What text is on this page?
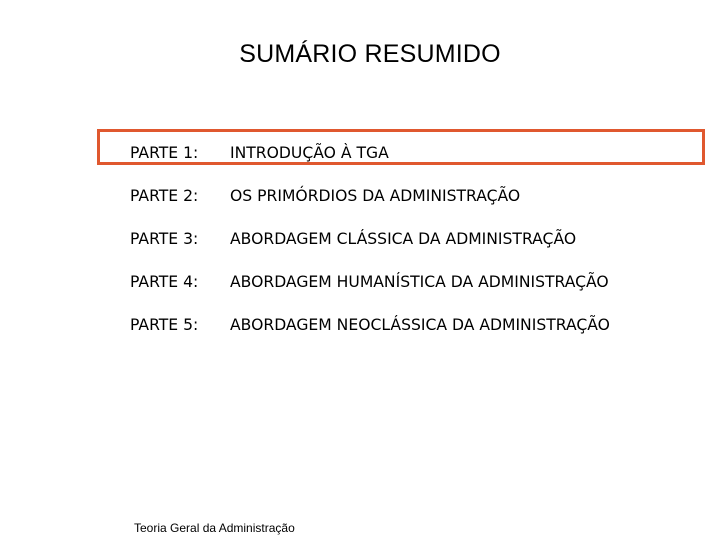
SUMÁRIO RESUMIDO
PARTE 1: INTRODUÇÃO À TGA
PARTE 2: OS PRIMÓRDIOS DA ADMINISTRAÇÃO
PARTE 3: ABORDAGEM CLÁSSICA DA ADMINISTRAÇÃO
PARTE 4: ABORDAGEM HUMANÍSTICA DA ADMINISTRAÇÃO
PARTE 5: ABORDAGEM NEOCLÁSSICA DA ADMINISTRAÇÃO
Teoria Geral da Administração
